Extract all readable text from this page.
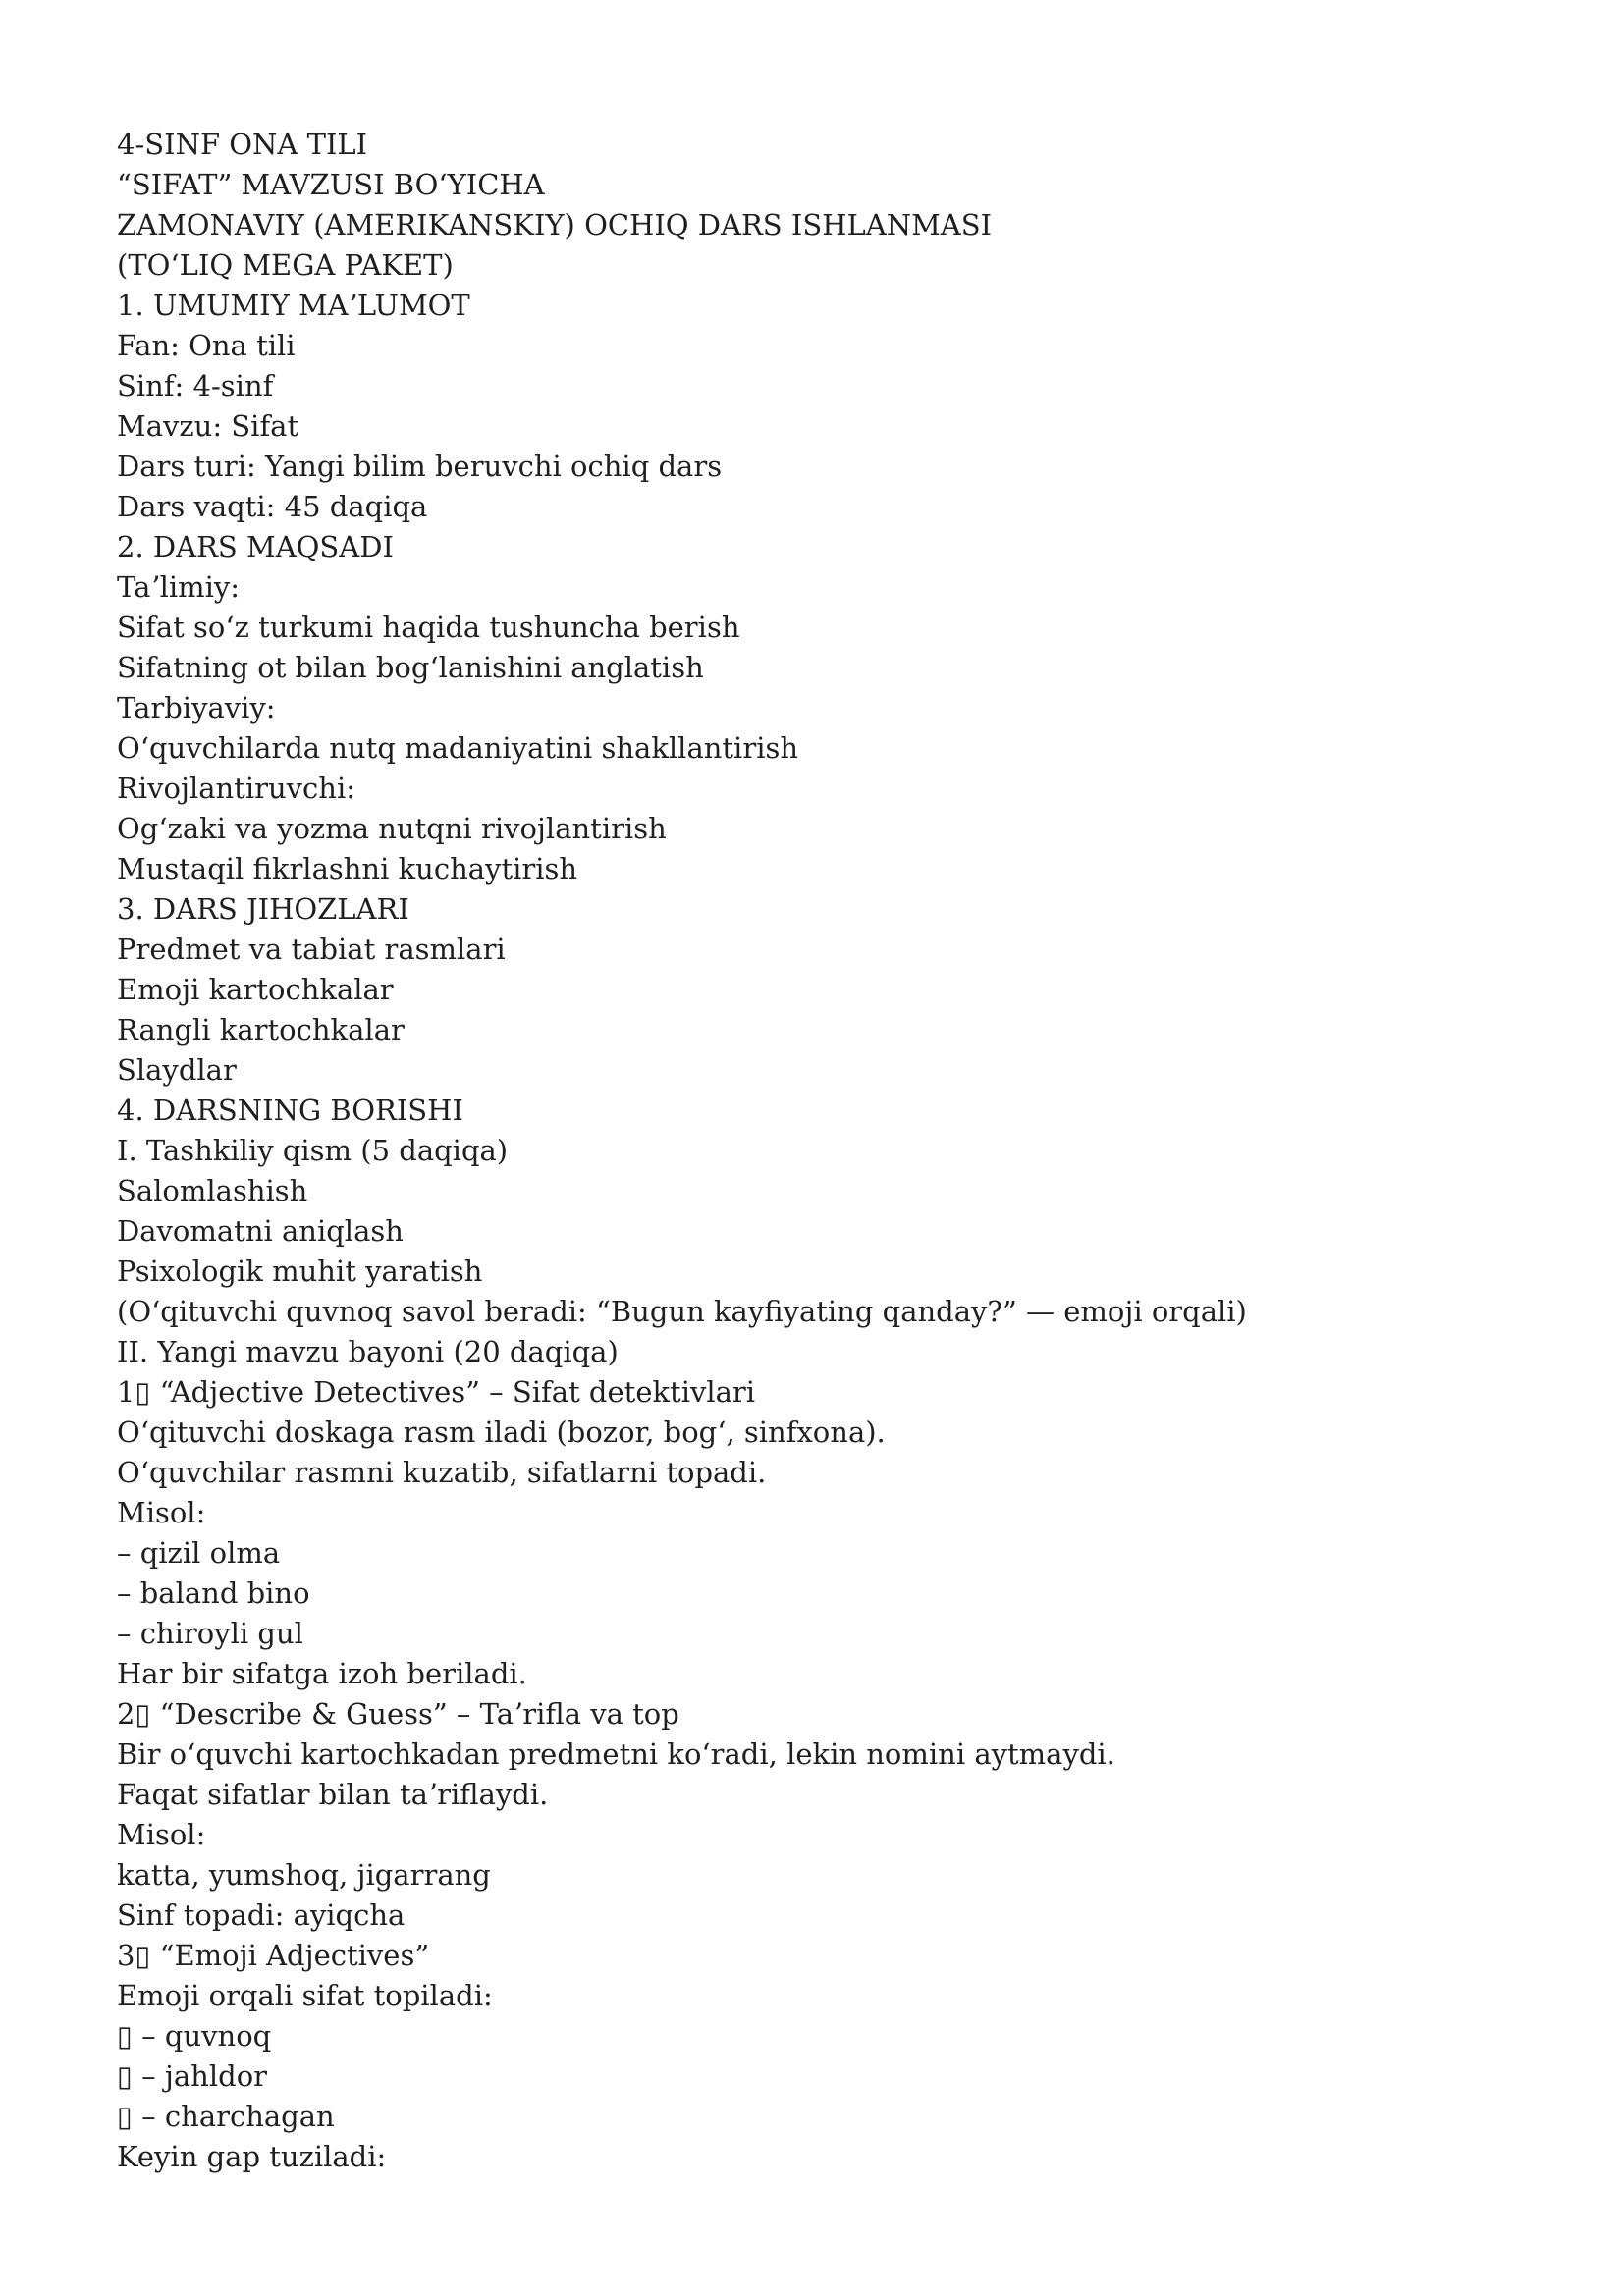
4-SINF ONA TILI
“SIFAT” MAVZUSI BOʻYICHA
ZAMONAVIY (AMERIKANSKIY) OCHIQ DARS ISHLANMASI
(TOʻLIQ MEGA PAKET)
1. UMUMIY MAʼLUMOT
Fan: Ona tili
Sinf: 4-sinf
Mavzu: Sifat
Dars turi: Yangi bilim beruvchi ochiq dars
Dars vaqti: 45 daqiqa
2. DARS MAQSADI
Taʼlimiy:
Sifat soʻz turkumi haqida tushuncha berish
Sifatning ot bilan bogʻlanishini anglatish
Tarbiyaviy:
Oʻquvchilarda nutq madaniyatini shakllantirish
Rivojlantiruvchi:
Ogʻzaki va yozma nutqni rivojlantirish
Mustaqil fikrlashni kuchaytirish
3. DARS JIHOZLARI
Predmet va tabiat rasmlari
Emoji kartochkalar
Rangli kartochkalar
Slaydlar
4. DARSNING BORISHI
I. Tashkiliy qism (5 daqiqa)
Salomlashish
Davomatni aniqlash
Psixologik muhit yaratish
(Oʻqituvchi quvnoq savol beradi: “Bugun kayfiyating qanday?” — emoji orqali)
II. Yangi mavzu bayoni (20 daqiqa)
1▯ “Adjective Detectives” – Sifat detektivlari
Oʻqituvchi doskaga rasm iladi (bozor, bogʻ, sinfxona).
Oʻquvchilar rasmni kuzatib, sifatlarni topadi.
Misol:
– qizil olma
– baland bino
– chiroyli gul
Har bir sifatga izoh beriladi.
2▯ “Describe & Guess” – Taʼrifla va top
Bir oʻquvchi kartochkadan predmetni koʻradi, lekin nomini aytmaydi.
Faqat sifatlar bilan taʼriflaydi.
Misol:
katta, yumshoq, jigarrang
Sinf topadi: ayiqcha
3▯ “Emoji Adjectives”
Emoji orqali sifat topiladi:
▯ – quvnoq
▯ – jahldor
▯ – charchagan
Keyin gap tuziladi:
